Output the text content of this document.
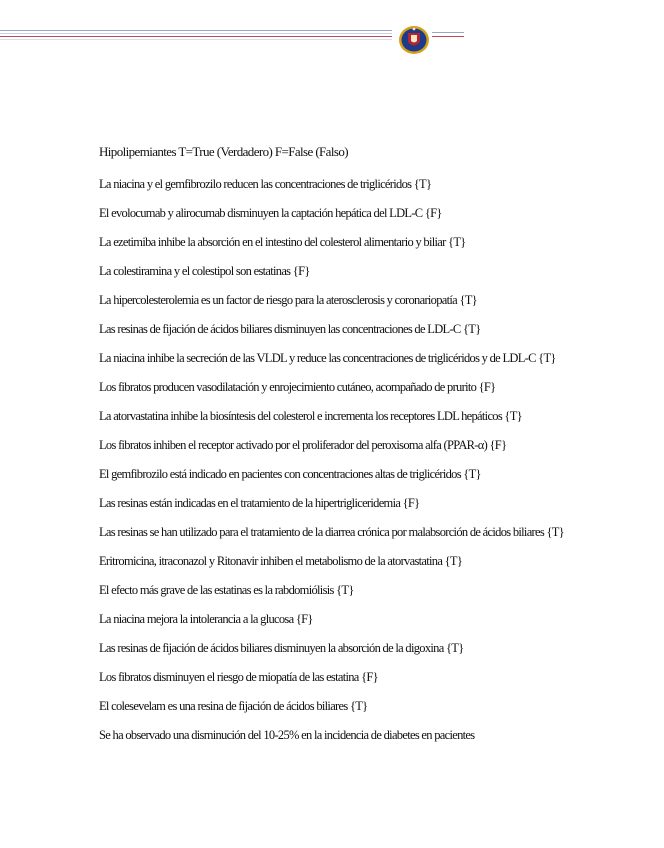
Hipolipemiantes T=True (Verdadero) F=False (Falso)

La niacina y el gemfibrozilo reducen las concentraciones de triglicéridos {T}

El evolocumab y alirocumab disminuyen la captación hepática del LDL-C {F}

La ezetimiba inhibe la absorción en el intestino del colesterol alimentario y biliar {T}

La colestiramina y el colestipol son estatinas {F}

La hipercolesterolemia es un factor de riesgo para la aterosclerosis y coronariopatía {T}

Las resinas de fijación de ácidos biliares disminuyen las concentraciones de LDL-C {T}

La niacina inhibe la secreción de las VLDL y reduce las concentraciones de triglicéridos y de LDL-C {T}

Los fibratos producen vasodilatación y enrojecimiento cutáneo, acompañado de prurito {F}

La atorvastatina inhibe la biosíntesis del colesterol e incrementa los receptores LDL hepáticos {T}

Los fibratos inhiben el receptor activado por el proliferador del peroxisoma alfa (PPAR-α) {F}

El gemfibrozilo está indicado en pacientes con concentraciones altas de triglicéridos {T}

Las resinas están indicadas en el tratamiento de la hipertrigliceridemia {F}

Las resinas se han utilizado para el tratamiento de la diarrea crónica por malabsorción de ácidos biliares {T}

Eritromicina, itraconazol y Ritonavir inhiben el metabolismo de la atorvastatina {T}

El efecto más grave de las estatinas es la rabdomiólisis {T}

La niacina mejora la intolerancia a la glucosa {F}

Las resinas de fijación de ácidos biliares disminuyen la absorción de la digoxina {T}

Los fibratos disminuyen el riesgo de miopatía de las estatina {F}

El colesevelam es una resina de fijación de ácidos biliares {T}

Se ha observado una disminución del 10-25% en la incidencia de diabetes en pacientes
